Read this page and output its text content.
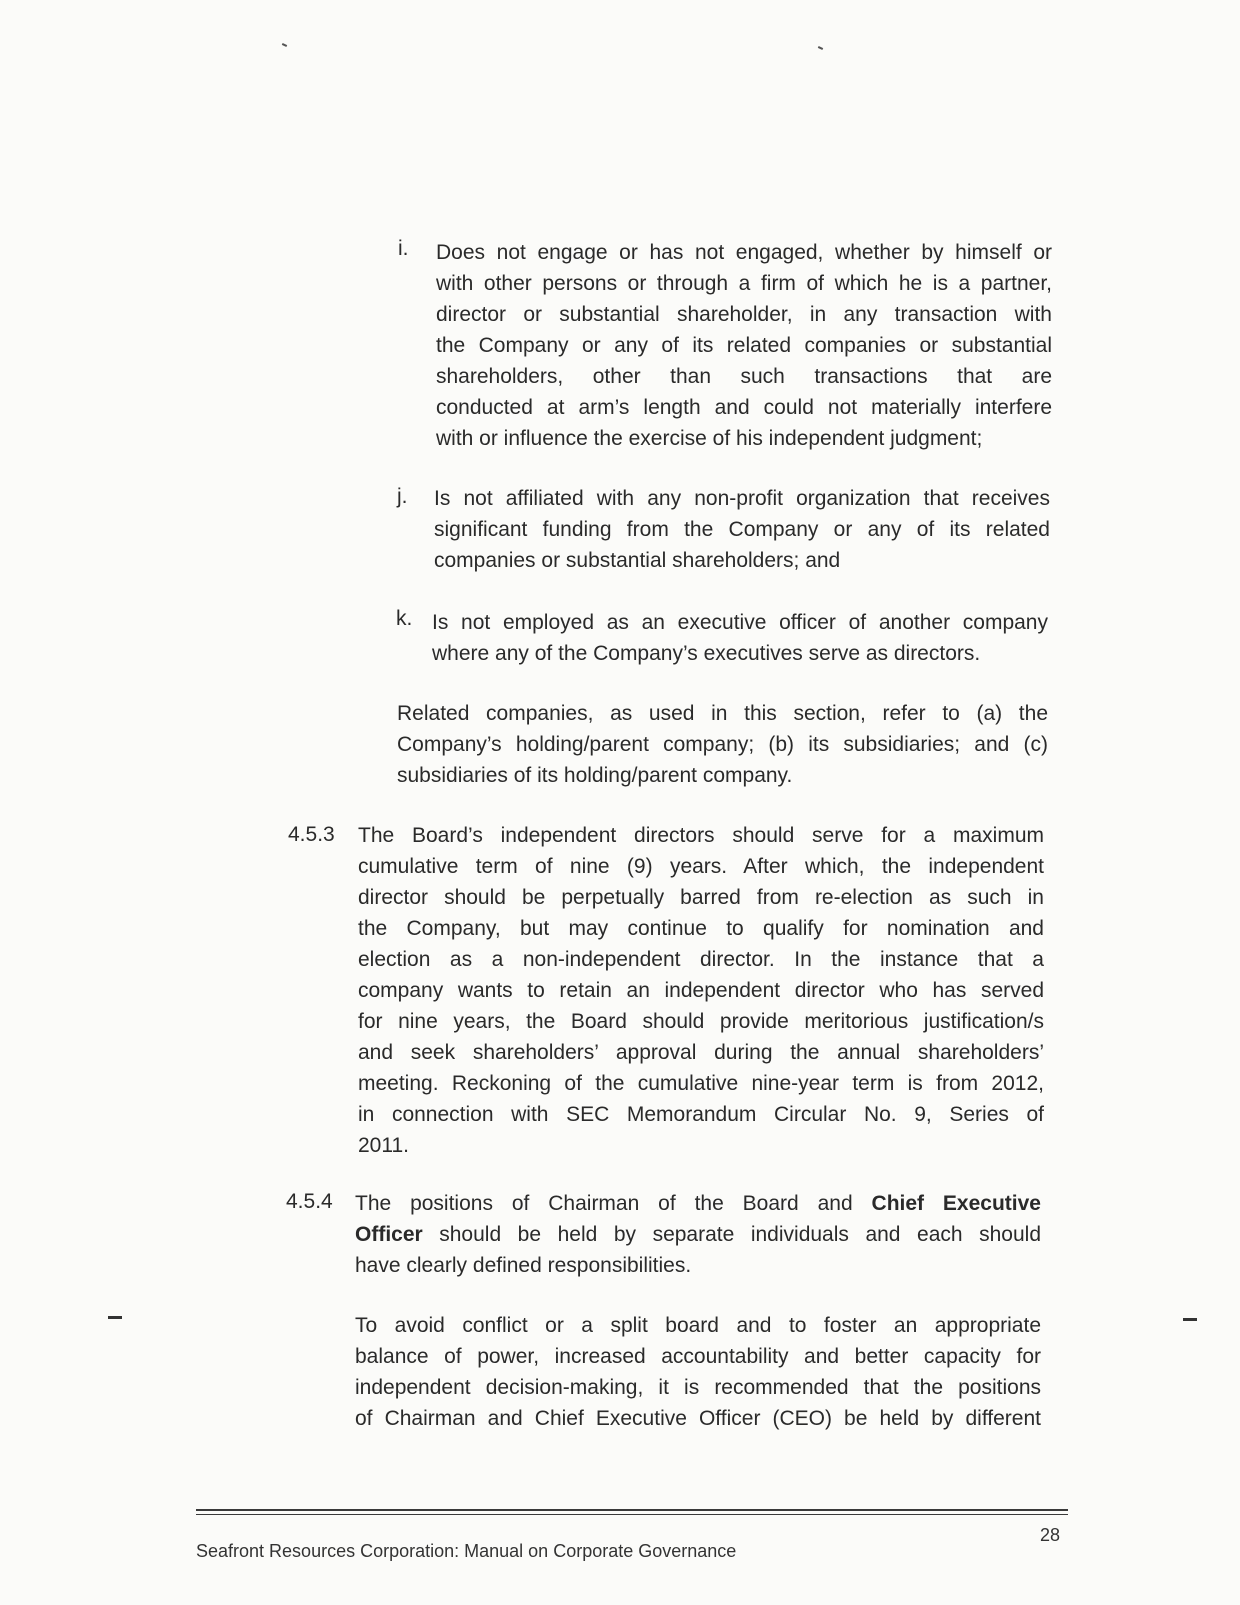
i. Does not engage or has not engaged, whether by himself or
with other persons or through a firm of which he is a partner,
director or substantial shareholder, in any transaction with
the Company or any of its related companies or substantial
shareholders, other than such transactions that are
conducted at arm’s length and could not materially interfere
with or influence the exercise of his independent judgment;
j. Is not affiliated with any non-profit organization that receives
significant funding from the Company or any of its related
companies or substantial shareholders; and
k. Is not employed as an executive officer of another company
where any of the Company’s executives serve as directors.
Related companies, as used in this section, refer to (a) the
Company’s holding/parent company; (b) its subsidiaries; and (c)
subsidiaries of its holding/parent company.
4.5.3 The Board’s independent directors should serve for a maximum
cumulative term of nine (9) years. After which, the independent
director should be perpetually barred from re-election as such in
the Company, but may continue to qualify for nomination and
election as a non-independent director. In the instance that a
company wants to retain an independent director who has served
for nine years, the Board should provide meritorious justification/s
and seek shareholders’ approval during the annual shareholders’
meeting. Reckoning of the cumulative nine-year term is from 2012,
in connection with SEC Memorandum Circular No. 9, Series of
2011.
4.5.4 The positions of Chairman of the Board and Chief Executive
Officer should be held by separate individuals and each should
have clearly defined responsibilities.
To avoid conflict or a split board and to foster an appropriate
balance of power, increased accountability and better capacity for
independent decision-making, it is recommended that the positions
of Chairman and Chief Executive Officer (CEO) be held by different
28
Seafront Resources Corporation: Manual on Corporate Governance
